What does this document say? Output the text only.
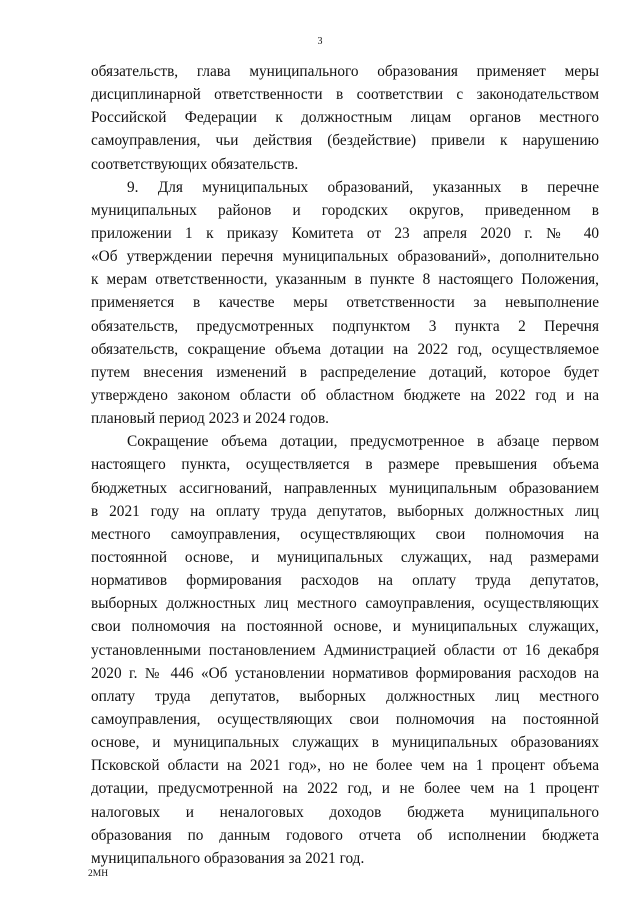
3
обязательств, глава муниципального образования применяет меры
дисциплинарной ответственности в соответствии с законодательством
Российской Федерации к должностным лицам органов местного
самоуправления, чьи действия (бездействие) привели к нарушению
соответствующих обязательств.
9. Для муниципальных образований, указанных в перечне
муниципальных районов и городских округов, приведенном в
приложении 1 к приказу Комитета от 23 апреля 2020 г. № 40
«Об утверждении перечня муниципальных образований», дополнительно
к мерам ответственности, указанным в пункте 8 настоящего Положения,
применяется в качестве меры ответственности за невыполнение
обязательств, предусмотренных подпунктом 3 пункта 2 Перечня
обязательств, сокращение объема дотации на 2022 год, осуществляемое
путем внесения изменений в распределение дотаций, которое будет
утверждено законом области об областном бюджете на 2022 год и на
плановый период 2023 и 2024 годов.
Сокращение объема дотации, предусмотренное в абзаце первом
настоящего пункта, осуществляется в размере превышения объема
бюджетных ассигнований, направленных муниципальным образованием
в 2021 году на оплату труда депутатов, выборных должностных лиц
местного самоуправления, осуществляющих свои полномочия на
постоянной основе, и муниципальных служащих, над размерами
нормативов формирования расходов на оплату труда депутатов,
выборных должностных лиц местного самоуправления, осуществляющих
свои полномочия на постоянной основе, и муниципальных служащих,
установленными постановлением Администрацией области от 16 декабря
2020 г. № 446 «Об установлении нормативов формирования расходов на
оплату труда депутатов, выборных должностных лиц местного
самоуправления, осуществляющих свои полномочия на постоянной
основе, и муниципальных служащих в муниципальных образованиях
Псковской области на 2021 год», но не более чем на 1 процент объема
дотации, предусмотренной на 2022 год, и не более чем на 1 процент
налоговых и неналоговых доходов бюджета муниципального
образования по данным годового отчета об исполнении бюджета
муниципального образования за 2021 год.
2МН
